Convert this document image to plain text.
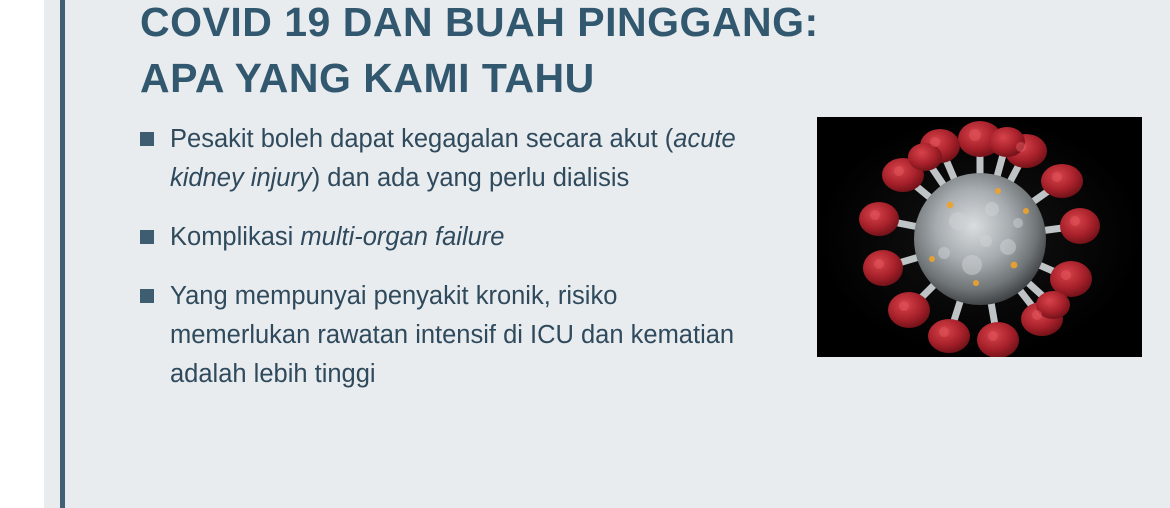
COVID 19 DAN BUAH PINGGANG:
APA YANG KAMI TAHU
Pesakit boleh dapat kegagalan secara akut (acute kidney injury) dan ada yang perlu dialisis
Komplikasi multi-organ failure
Yang mempunyai penyakit kronik, risiko memerlukan rawatan intensif di ICU dan kematian adalah lebih tinggi
